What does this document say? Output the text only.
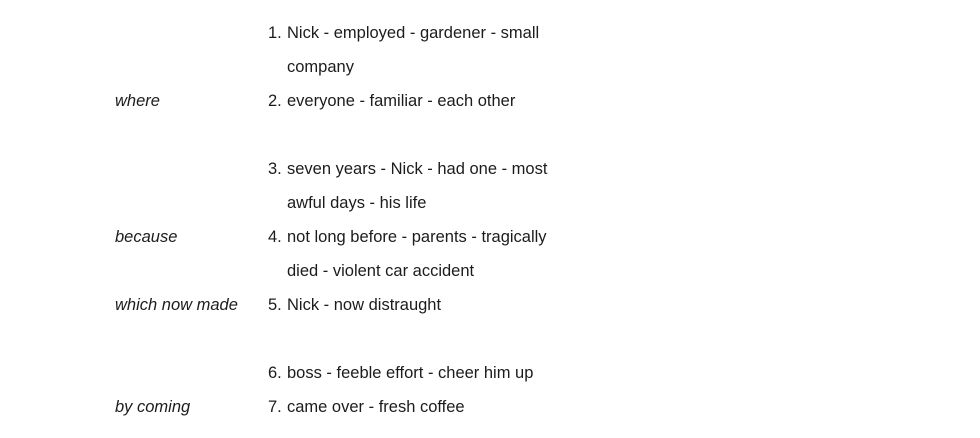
1. Nick - employed - gardener - small
company
where	2. everyone - familiar - each other
3. seven years - Nick - had one - most
awful days - his life
because	4. not long before - parents - tragically
died - violent car accident
which now made	5. Nick - now distraught
6. boss - feeble effort - cheer him up
by coming	7. came over - fresh coffee
